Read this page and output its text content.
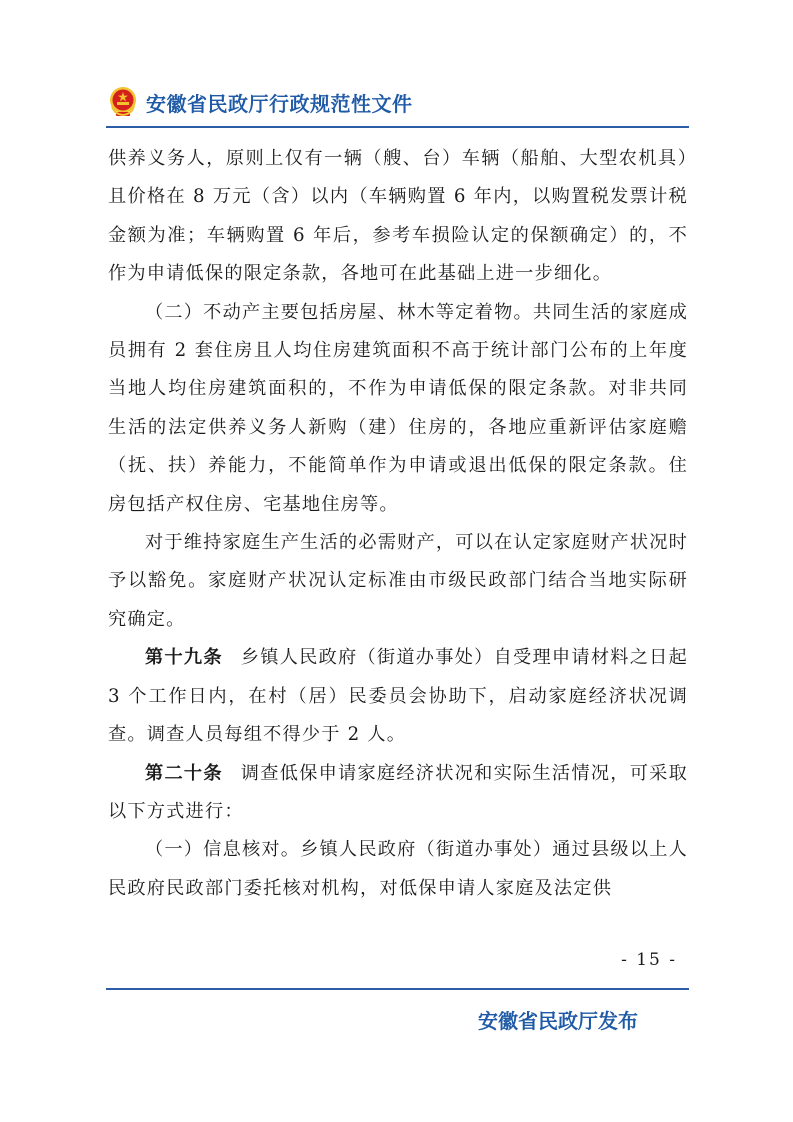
安徽省民政厅行政规范性文件

供养义务人，原则上仅有一辆（艘、台）车辆（船舶、大型农机具）且价格在 8 万元（含）以内（车辆购置 6 年内，以购置税发票计税金额为准；车辆购置 6 年后，参考车损险认定的保额确定）的，不作为申请低保的限定条款，各地可在此基础上进一步细化。

（二）不动产主要包括房屋、林木等定着物。共同生活的家庭成员拥有 2 套住房且人均住房建筑面积不高于统计部门公布的上年度当地人均住房建筑面积的，不作为申请低保的限定条款。对非共同生活的法定供养义务人新购（建）住房的，各地应重新评估家庭赡（抚、扶）养能力，不能简单作为申请或退出低保的限定条款。住房包括产权住房、宅基地住房等。

对于维持家庭生产生活的必需财产，可以在认定家庭财产状况时予以豁免。家庭财产状况认定标准由市级民政部门结合当地实际研究确定。

第十九条 乡镇人民政府（街道办事处）自受理申请材料之日起 3 个工作日内，在村（居）民委员会协助下，启动家庭经济状况调查。调查人员每组不得少于 2 人。

第二十条 调查低保申请家庭经济状况和实际生活情况，可采取以下方式进行：

（一）信息核对。乡镇人民政府（街道办事处）通过县级以上人民政府民政部门委托核对机构，对低保申请人家庭及法定供

- 15 -
安徽省民政厅发布
